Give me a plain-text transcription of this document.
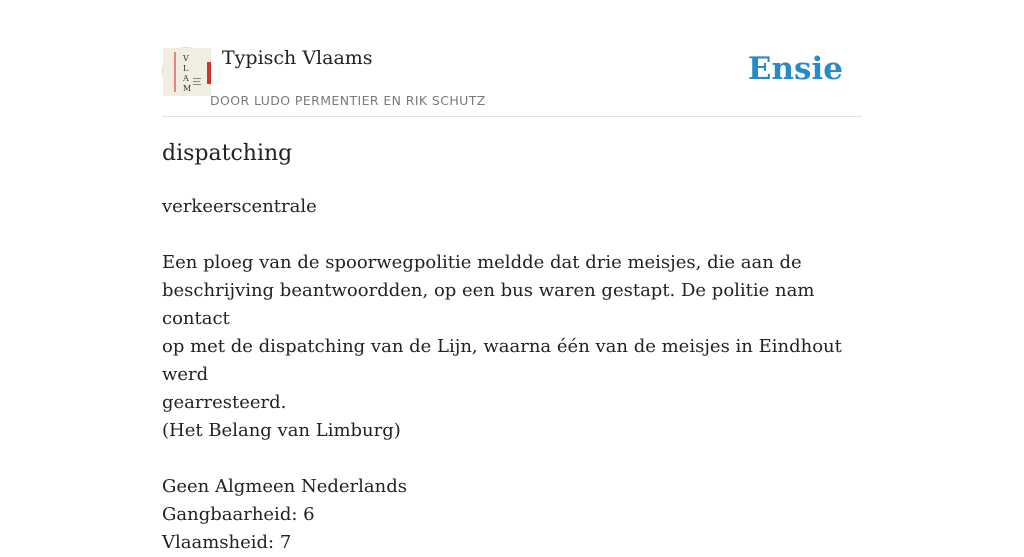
V
L
A
M
Typisch Vlaams
DOOR LUDO PERMENTIER EN RIK SCHUTZ
Ensie
dispatching

verkeerscentrale

Een ploeg van de spoorwegpolitie meldde dat drie meisjes, die aan de

beschrijving beantwoordden, op een bus waren gestapt. De politie nam contact

op met de dispatching van de Lijn, waarna één van de meisjes in Eindhout werd

gearresteerd.

(Het Belang van Limburg)

Geen Algmeen Nederlands

Gangbaarheid: 6

Vlaamsheid: 7
